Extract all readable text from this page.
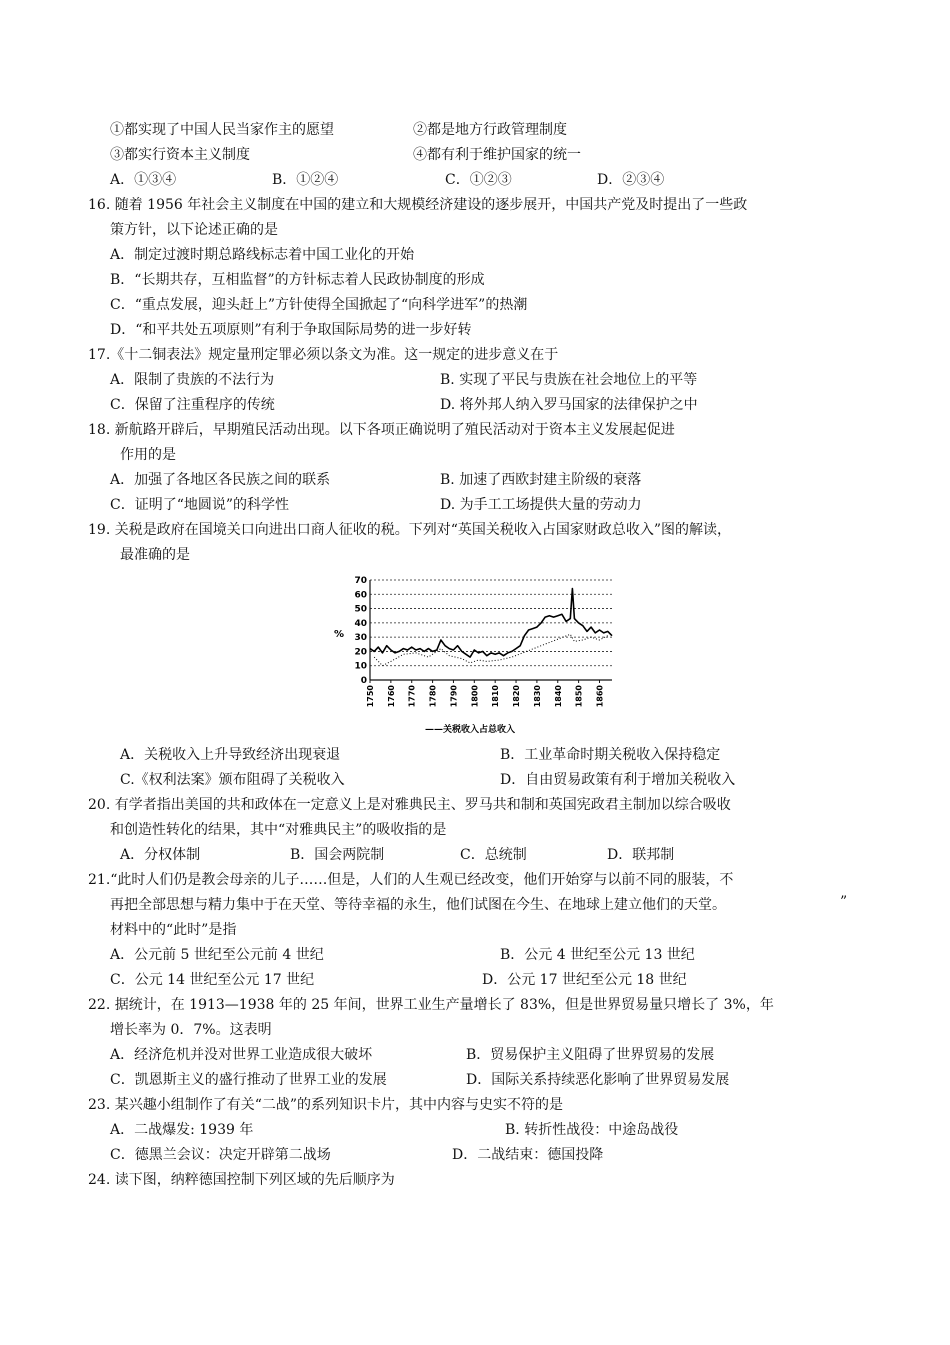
①都实现了中国人民当家作主的愿望	②都是地方行政管理制度
③都实行资本主义制度	④都有利于维护国家的统一
A．①③④	B．①②④	C．①②③	D．②③④
16. 随着 1956 年社会主义制度在中国的建立和大规模经济建设的逐步展开，中国共产党及时提出了一些政
策方针，以下论述正确的是
A．制定过渡时期总路线标志着中国工业化的开始
B．“长期共存，互相监督”的方针标志着人民政协制度的形成
C．“重点发展，迎头赶上”方针使得全国掀起了“向科学进军”的热潮
D．“和平共处五项原则”有利于争取国际局势的进一步好转
17.《十二铜表法》规定量刑定罪必须以条文为准。这一规定的进步意义在于
A．限制了贵族的不法行为	B. 实现了平民与贵族在社会地位上的平等
C．保留了注重程序的传统	D. 将外邦人纳入罗马国家的法律保护之中
18. 新航路开辟后，早期殖民活动出现。以下各项正确说明了殖民活动对于资本主义发展起促进
作用的是
A．加强了各地区各民族之间的联系	B. 加速了西欧封建主阶级的衰落
C．证明了“地圆说”的科学性	D. 为手工工场提供大量的劳动力
19. 关税是政府在国境关口向进出口商人征收的税。下列对“英国关税收入占国家财政总收入”图的解读，
最准确的是
%
——关税收入占总收入
0
10
20
30
40
50
60
70
1750 1760 1770 1780 1790 1800 1810 1820 1830 1840 1850 1860
A．关税收入上升导致经济出现衰退	B．工业革命时期关税收入保持稳定
C.《权利法案》颁布阻碍了关税收入	D．自由贸易政策有利于增加关税收入
20. 有学者指出美国的共和政体在一定意义上是对雅典民主、罗马共和制和英国宪政君主制加以综合吸收
和创造性转化的结果，其中“对雅典民主”的吸收指的是
A．分权体制	B．国会两院制	C．总统制	D．联邦制
21.“此时人们仍是教会母亲的儿子……但是，人们的人生观已经改变，他们开始穿与以前不同的服装，不
再把全部思想与精力集中于在天堂、等待幸福的永生，他们试图在今生、在地球上建立他们的天堂。	”
材料中的“此时”是指
A．公元前 5 世纪至公元前 4 世纪	B．公元 4 世纪至公元 13 世纪
C．公元 14 世纪至公元 17 世纪	D．公元 17 世纪至公元 18 世纪
22. 据统计，在 1913—1938 年的 25 年间，世界工业生产量增长了 83%，但是世界贸易量只增长了 3%，年
增长率为 0．7%。这表明
A．经济危机并没对世界工业造成很大破坏	B．贸易保护主义阻碍了世界贸易的发展
C．凯恩斯主义的盛行推动了世界工业的发展	D．国际关系持续恶化影响了世界贸易发展
23. 某兴趣小组制作了有关“二战”的系列知识卡片，其中内容与史实不符的是
A．二战爆发: 1939 年	B. 转折性战役：中途岛战役
C．德黑兰会议：决定开辟第二战场	D．二战结束：德国投降
24. 读下图，纳粹德国控制下列区域的先后顺序为
